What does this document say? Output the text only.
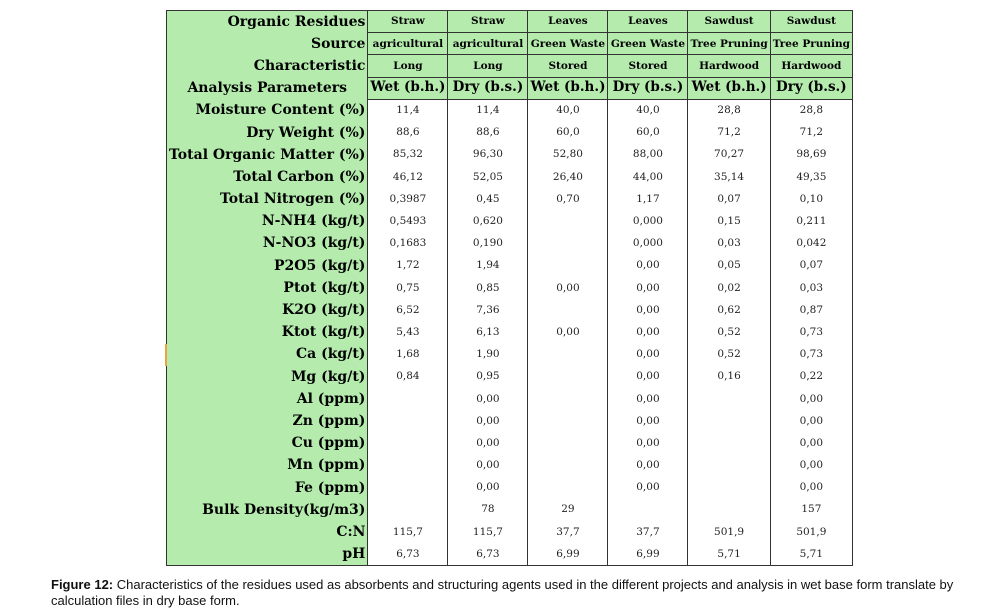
Organic Residues	Straw	Straw	Leaves	Leaves	Sawdust	Sawdust
Source	agricultural	agricultural	Green Waste	Green Waste	Tree Pruning	Tree Pruning
Characteristic	Long	Long	Stored	Stored	Hardwood	Hardwood
Analysis Parameters	Wet (b.h.)	Dry (b.s.)	Wet (b.h.)	Dry (b.s.)	Wet (b.h.)	Dry (b.s.)
Moisture Content (%)	11,4	11,4	40,0	40,0	28,8	28,8
Dry Weight (%)	88,6	88,6	60,0	60,0	71,2	71,2
Total Organic Matter (%)	85,32	96,30	52,80	88,00	70,27	98,69
Total Carbon (%)	46,12	52,05	26,40	44,00	35,14	49,35
Total Nitrogen (%)	0,3987	0,45	0,70	1,17	0,07	0,10
N-NH4 (kg/t)	0,5493	0,620		0,000	0,15	0,211
N-NO3 (kg/t)	0,1683	0,190		0,000	0,03	0,042
P2O5 (kg/t)	1,72	1,94		0,00	0,05	0,07
Ptot (kg/t)	0,75	0,85	0,00	0,00	0,02	0,03
K2O (kg/t)	6,52	7,36		0,00	0,62	0,87
Ktot (kg/t)	5,43	6,13	0,00	0,00	0,52	0,73
Ca (kg/t)	1,68	1,90		0,00	0,52	0,73
Mg (kg/t)	0,84	0,95		0,00	0,16	0,22
Al (ppm)		0,00		0,00		0,00
Zn (ppm)		0,00		0,00		0,00
Cu (ppm)		0,00		0,00		0,00
Mn (ppm)		0,00		0,00		0,00
Fe (ppm)		0,00		0,00		0,00
Bulk Density(kg/m3)		78	29			157
C:N	115,7	115,7	37,7	37,7	501,9	501,9
pH	6,73	6,73	6,99	6,99	5,71	5,71
Figure 12: Characteristics of the residues used as absorbents and structuring agents used in the different projects and analysis in wet base form translate by calculation files in dry base form.
